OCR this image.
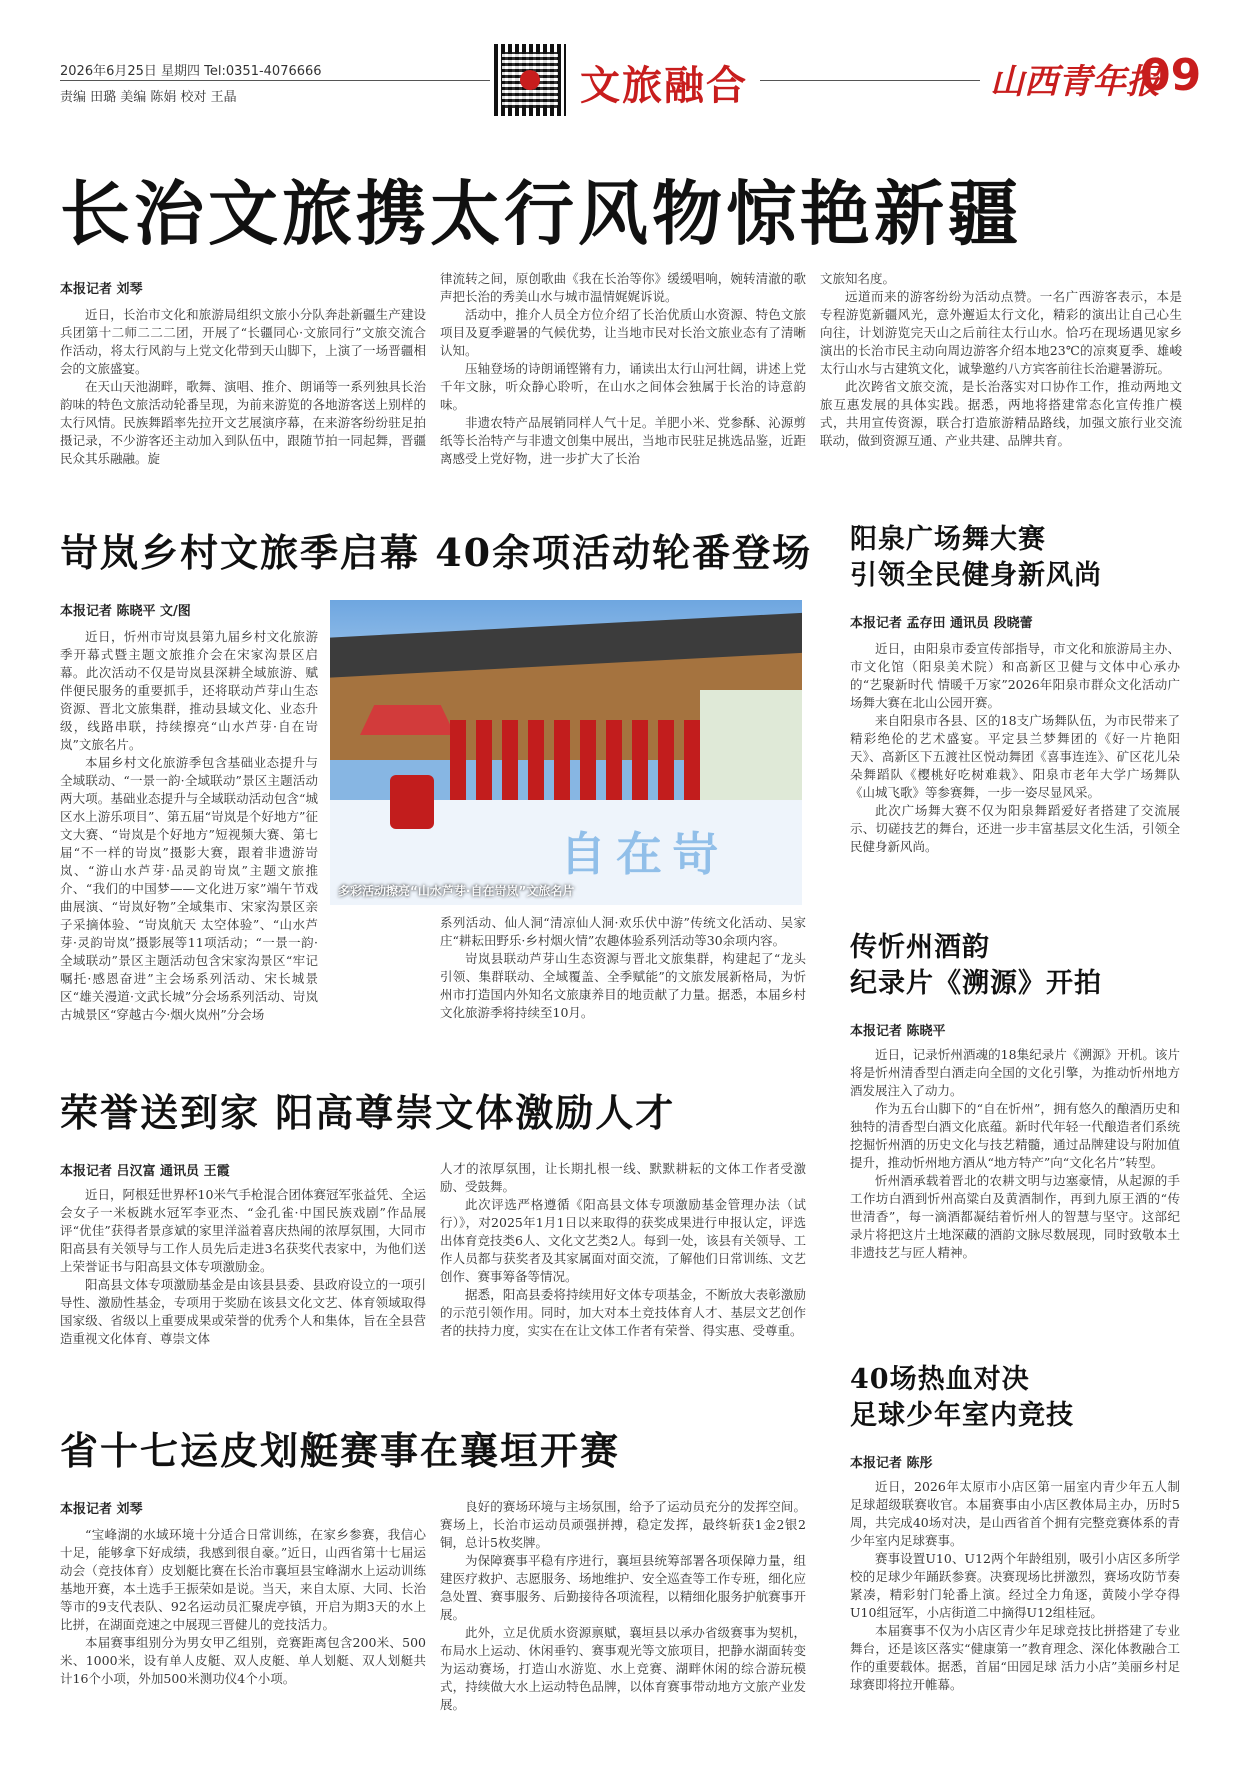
2026年6月25日 星期四 Tel:0351-4076666
责编 田璐 美编 陈娟 校对 王晶	文旅融合	山西青年报
09
长治文旅携太行风物惊艳新疆
本报记者 刘琴

近日，长治市文化和旅游局组织文旅小分队奔赴新疆生产建设兵团第十二师二二二团，开展了“长疆同心·文旅同行”文旅交流合作活动，将太行风韵与上党文化带到天山脚下，上演了一场晋疆相会的文旅盛宴。

在天山天池湖畔，歌舞、演唱、推介、朗诵等一系列独具长治韵味的特色文旅活动轮番呈现，为前来游览的各地游客送上别样的太行风情。民族舞蹈率先拉开文艺展演序幕，在来游客纷纷驻足拍摄记录，不少游客还主动加入到队伍中，跟随节拍一同起舞，晋疆民众其乐融融。旋

律流转之间，原创歌曲《我在长治等你》缓缓唱响，婉转清澈的歌声把长治的秀美山水与城市温情娓娓诉说。

活动中，推介人员全方位介绍了长治优质山水资源、特色文旅项目及夏季避暑的气候优势，让当地市民对长治文旅业态有了清晰认知。

压轴登场的诗朗诵铿锵有力，诵读出太行山河壮阔，讲述上党千年文脉，听众静心聆听，在山水之间体会独属于长治的诗意韵味。

非遗农特产品展销同样人气十足。羊肥小米、党参酥、沁源剪纸等长治特产与非遗文创集中展出，当地市民驻足挑选品鉴，近距离感受上党好物，进一步扩大了长治

文旅知名度。

远道而来的游客纷纷为活动点赞。一名广西游客表示，本是专程游览新疆风光，意外邂逅太行文化，精彩的演出让自己心生向往，计划游览完天山之后前往太行山水。恰巧在现场遇见家乡演出的长治市民主动向周边游客介绍本地23℃的凉爽夏季、雄峻太行山水与古建筑文化，诚挚邀约八方宾客前往长治避暑游玩。

此次跨省文旅交流，是长治落实对口协作工作，推动两地文旅互惠发展的具体实践。据悉，两地将搭建常态化宣传推广模式，共用宣传资源，联合打造旅游精品路线，加强文旅行业交流联动，做到资源互通、产业共建、品牌共育。

岢岚乡村文旅季启幕 40余项活动轮番登场
本报记者 陈晓平 文/图
自在岢
多彩活动擦亮“山水芦芽·自在岢岚”文旅名片

近日，忻州市岢岚县第九届乡村文化旅游季开幕式暨主题文旅推介会在宋家沟景区启幕。此次活动不仅是岢岚县深耕全域旅游、赋伴便民服务的重要抓手，还将联动芦芽山生态资源、晋北文旅集群，推动县域文化、业态升级，线路串联，持续擦亮“山水芦芽·自在岢岚”文旅名片。

本届乡村文化旅游季包含基础业态提升与全域联动、“一景一韵·全域联动”景区主题活动两大项。基础业态提升与全域联动活动包含“城区水上游乐项目”、第五届“岢岚是个好地方”征文大赛、“岢岚是个好地方”短视频大赛、第七届“不一样的岢岚”摄影大赛，跟着非遗游岢岚、“游山水芦芽·品灵韵岢岚”主题文旅推介、“我们的中国梦——文化进万家”端午节戏曲展演、“岢岚好物”全域集市、宋家沟景区亲子采摘体验、“岢岚航天 太空体验”、“山水芦芽·灵韵岢岚”摄影展等11项活动；“一景一韵·全域联动”景区主题活动包含宋家沟景区“牢记嘱托·感恩奋进”主会场系列活动、宋长城景区“雄关漫道·文武长城”分会场系列活动、岢岚古城景区“穿越古今·烟火岚州”分会场

系列活动、仙人洞“清凉仙人洞·欢乐伏中游”传统文化活动、吴家庄“耕耘田野乐·乡村烟火情”农趣体验系列活动等30余项内容。

岢岚县联动芦芽山生态资源与晋北文旅集群，构建起了“龙头引领、集群联动、全域覆盖、全季赋能”的文旅发展新格局，为忻州市打造国内外知名文旅康养目的地贡献了力量。据悉，本届乡村文化旅游季将持续至10月。

荣誉送到家 阳高尊崇文体激励人才
本报记者 吕汉富 通讯员 王霞

近日，阿根廷世界杯10米气手枪混合团体赛冠军张益凭、全运会女子一米板跳水冠军李亚杰、“金孔雀·中国民族戏剧”作品展评“优佳”获得者景彦斌的家里洋溢着喜庆热闹的浓厚氛围，大同市阳高县有关领导与工作人员先后走进3名获奖代表家中，为他们送上荣誉证书与阳高县文体专项激励金。

阳高县文体专项激励基金是由该县县委、县政府设立的一项引导性、激励性基金，专项用于奖励在该县文化文艺、体育领域取得国家级、省级以上重要成果或荣誉的优秀个人和集体，旨在全县营造重视文化体育、尊崇文体

人才的浓厚氛围，让长期扎根一线、默默耕耘的文体工作者受激励、受鼓舞。

此次评选严格遵循《阳高县文体专项激励基金管理办法（试行）》，对2025年1月1日以来取得的获奖成果进行申报认定，评选出体育竞技类6人、文化文艺类2人。每到一处，该县有关领导、工作人员都与获奖者及其家属面对面交流，了解他们日常训练、文艺创作、赛事筹备等情况。

据悉，阳高县委将持续用好文体专项基金，不断放大表彰激励的示范引领作用。同时，加大对本土竞技体育人才、基层文艺创作者的扶持力度，实实在在让文体工作者有荣誉、得实惠、受尊重。

省十七运皮划艇赛事在襄垣开赛
本报记者 刘琴

“宝峰湖的水域环境十分适合日常训练，在家乡参赛，我信心十足，能够拿下好成绩，我感到很自豪。”近日，山西省第十七届运动会（竞技体育）皮划艇比赛在长治市襄垣县宝峰湖水上运动训练基地开赛，本土选手王振荣如是说。当天，来自太原、大同、长治等市的9支代表队、92名运动员汇聚虎亭镇，开启为期3天的水上比拼，在湖面竞速之中展现三晋健儿的竞技活力。

本届赛事组别分为男女甲乙组别，竞赛距离包含200米、500米、1000米，设有单人皮艇、双人皮艇、单人划艇、双人划艇共计16个小项，外加500米测功仪4个小项。

良好的赛场环境与主场氛围，给予了运动员充分的发挥空间。赛场上，长治市运动员顽强拼搏，稳定发挥，最终斩获1金2银2铜，总计5枚奖牌。

为保障赛事平稳有序进行，襄垣县统筹部署各项保障力量，组建医疗救护、志愿服务、场地维护、安全巡查等工作专班，细化应急处置、赛事服务、后勤接待各项流程，以精细化服务护航赛事开展。

此外，立足优质水资源禀赋，襄垣县以承办省级赛事为契机，布局水上运动、休闲垂钓、赛事观光等文旅项目，把静水湖面转变为运动赛场，打造山水游览、水上竞赛、湖畔休闲的综合游玩模式，持续做大水上运动特色品牌，以体育赛事带动地方文旅产业发展。

阳泉广场舞大赛
引领全民健身新风尚
本报记者 孟存田 通讯员 段晓蕾

近日，由阳泉市委宣传部指导，市文化和旅游局主办、市文化馆（阳泉美术院）和高新区卫健与文体中心承办的“艺聚新时代 情暖千万家”2026年阳泉市群众文化活动广场舞大赛在北山公园开赛。

来自阳泉市各县、区的18支广场舞队伍，为市民带来了精彩绝伦的艺术盛宴。平定县兰梦舞团的《好一片艳阳天》、高新区下五渡社区悦动舞团《喜事连连》、矿区花儿朵朵舞蹈队《樱桃好吃树难栽》、阳泉市老年大学广场舞队《山城飞歌》等参赛舞，一步一姿尽显风采。

此次广场舞大赛不仅为阳泉舞蹈爱好者搭建了交流展示、切磋技艺的舞台，还进一步丰富基层文化生活，引领全民健身新风尚。

传忻州酒韵
纪录片《溯源》开拍
本报记者 陈晓平

近日，记录忻州酒魂的18集纪录片《溯源》开机。该片将是忻州清香型白酒走向全国的文化引擎，为推动忻州地方酒发展注入了动力。

作为五台山脚下的“自在忻州”，拥有悠久的酿酒历史和独特的清香型白酒文化底蕴。新时代年轻一代酿造者们系统挖掘忻州酒的历史文化与技艺精髓，通过品牌建设与附加值提升，推动忻州地方酒从“地方特产”向“文化名片”转型。

忻州酒承载着晋北的农耕文明与边塞豪情，从起源的手工作坊白酒到忻州高粱白及黄酒制作，再到九原王酒的“传世清香”，每一滴酒都凝结着忻州人的智慧与坚守。这部纪录片将把这片土地深藏的酒韵文脉尽数展现，同时致敬本土非遗技艺与匠人精神。

40场热血对决
足球少年室内竞技
本报记者 陈彤

近日，2026年太原市小店区第一届室内青少年五人制足球超级联赛收官。本届赛事由小店区教体局主办，历时5周，共完成40场对决，是山西省首个拥有完整竞赛体系的青少年室内足球赛事。

赛事设置U10、U12两个年龄组别，吸引小店区多所学校的足球少年踊跃参赛。决赛现场比拼激烈，赛场攻防节奏紧凑，精彩射门轮番上演。经过全力角逐，黄陵小学夺得U10组冠军，小店街道二中摘得U12组桂冠。

本届赛事不仅为小店区青少年足球竞技比拼搭建了专业舞台，还是该区落实“健康第一”教育理念、深化体教融合工作的重要载体。据悉，首届“田园足球 活力小店”美丽乡村足球赛即将拉开帷幕。
